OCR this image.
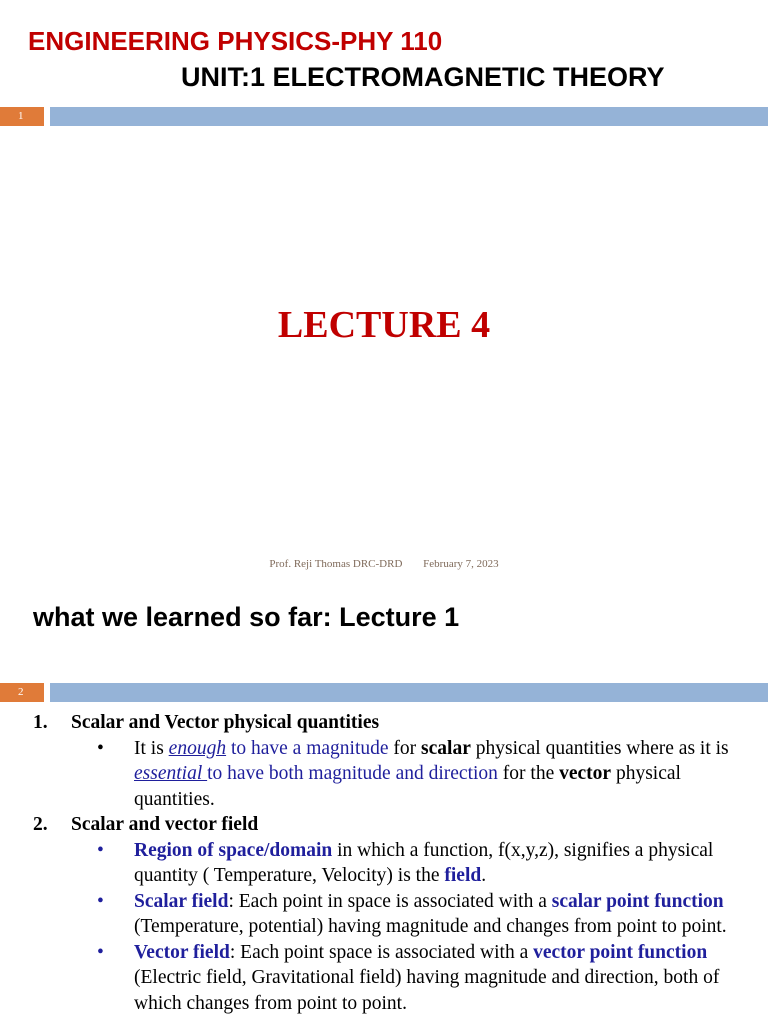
ENGINEERING PHYSICS-PHY 110
UNIT:1 ELECTROMAGNETIC THEORY
1
LECTURE 4
Prof. Reji Thomas DRC-DRD February 7, 2023
what we learned so far: Lecture 1
2
1. Scalar and Vector physical quantities
• It is enough to have a magnitude for scalar physical quantities where as it is essential to have both magnitude and direction for the vector physical quantities.
2. Scalar and vector field
• Region of space/domain in which a function, f(x,y,z), signifies a physical quantity ( Temperature, Velocity) is the field.
• Scalar field: Each point in space is associated with a scalar point function (Temperature, potential) having magnitude and changes from point to point.
• Vector field: Each point space is associated with a vector point function (Electric field, Gravitational field) having magnitude and direction, both of which changes from point to point.
